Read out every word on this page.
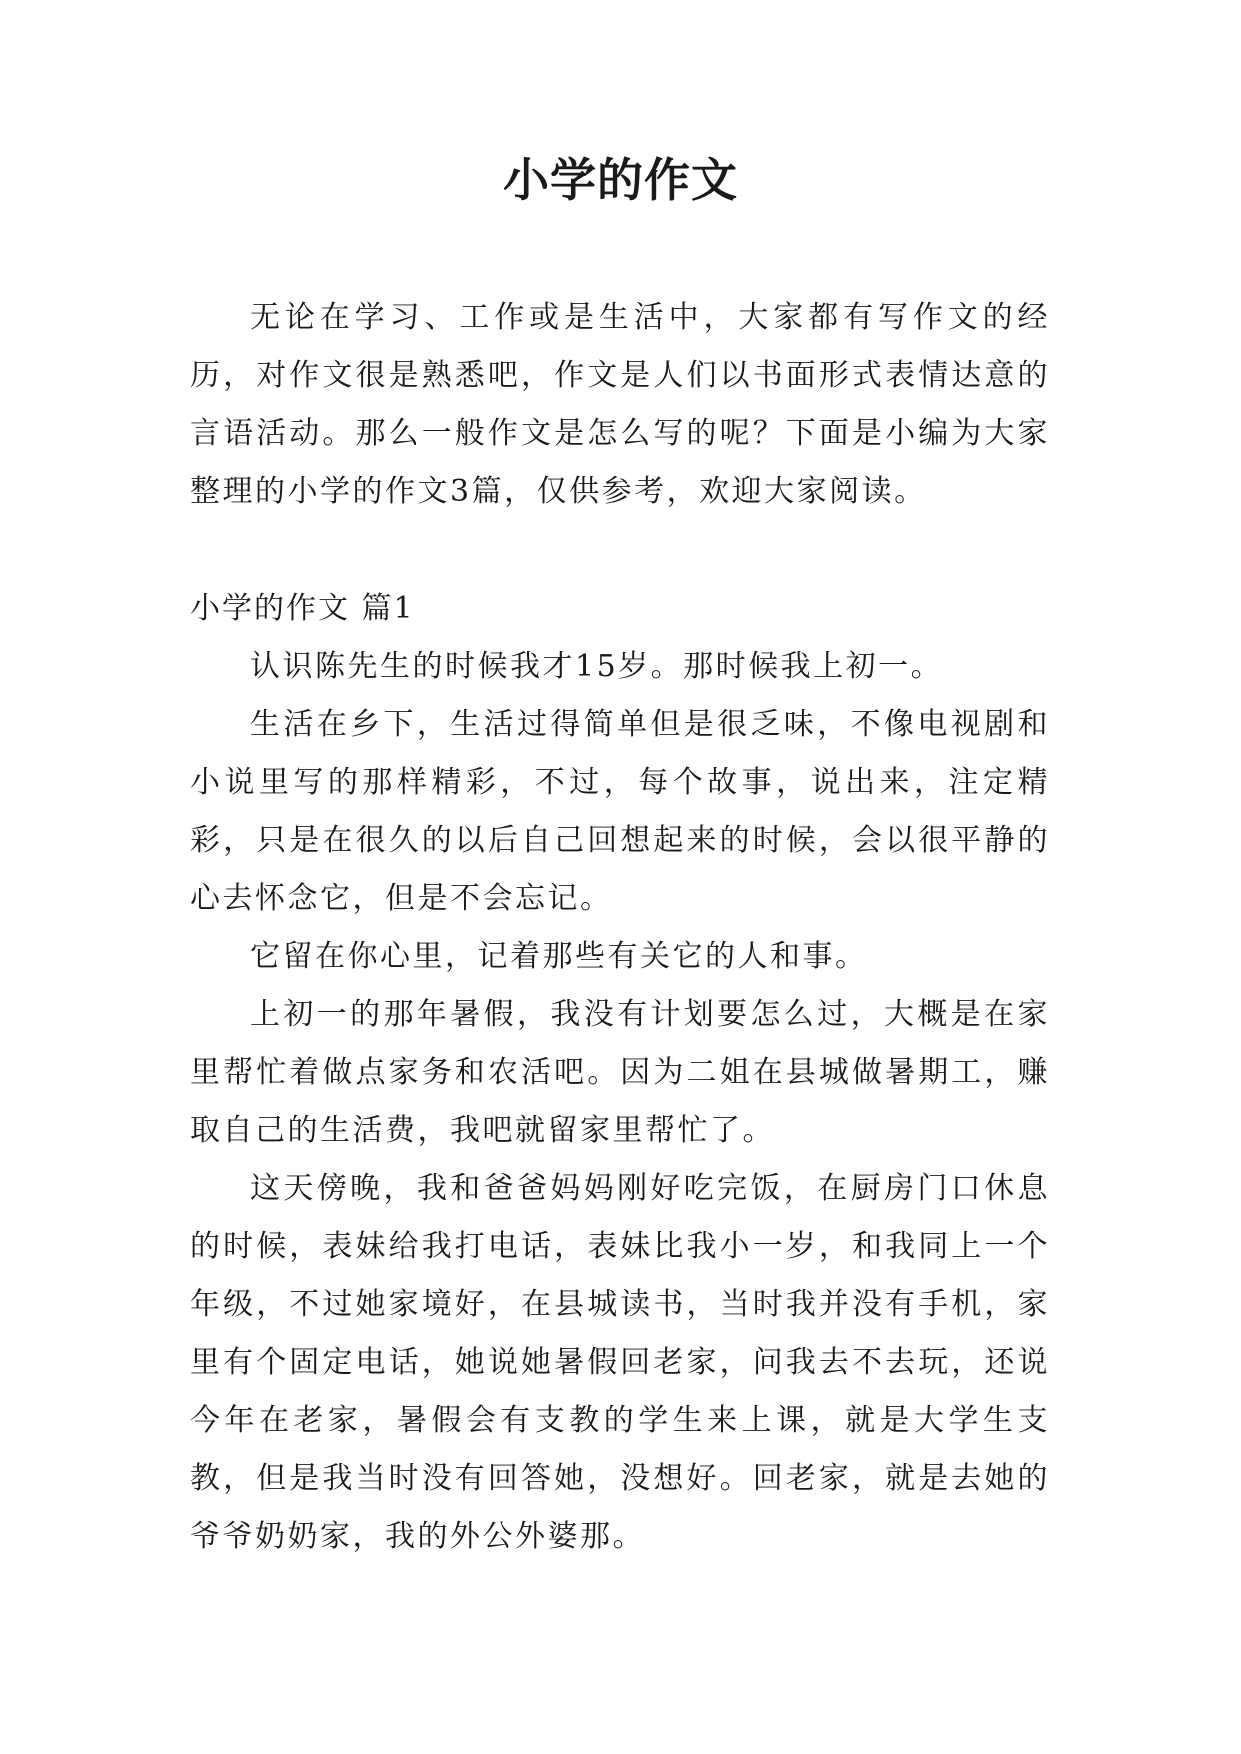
小学的作文

无论在学习、工作或是生活中，大家都有写作文的经历，对作文很是熟悉吧，作文是人们以书面形式表情达意的言语活动。那么一般作文是怎么写的呢？下面是小编为大家整理的小学的作文3篇，仅供参考，欢迎大家阅读。

小学的作文 篇1

认识陈先生的时候我才15岁。那时候我上初一。

生活在乡下，生活过得简单但是很乏味，不像电视剧和小说里写的那样精彩，不过，每个故事，说出来，注定精彩，只是在很久的以后自己回想起来的时候，会以很平静的心去怀念它，但是不会忘记。

它留在你心里，记着那些有关它的人和事。

上初一的那年暑假，我没有计划要怎么过，大概是在家里帮忙着做点家务和农活吧。因为二姐在县城做暑期工，赚取自己的生活费，我吧就留家里帮忙了。

这天傍晚，我和爸爸妈妈刚好吃完饭，在厨房门口休息的时候，表妹给我打电话，表妹比我小一岁，和我同上一个年级，不过她家境好，在县城读书，当时我并没有手机，家里有个固定电话，她说她暑假回老家，问我去不去玩，还说今年在老家，暑假会有支教的学生来上课，就是大学生支教，但是我当时没有回答她，没想好。回老家，就是去她的爷爷奶奶家，我的外公外婆那。
